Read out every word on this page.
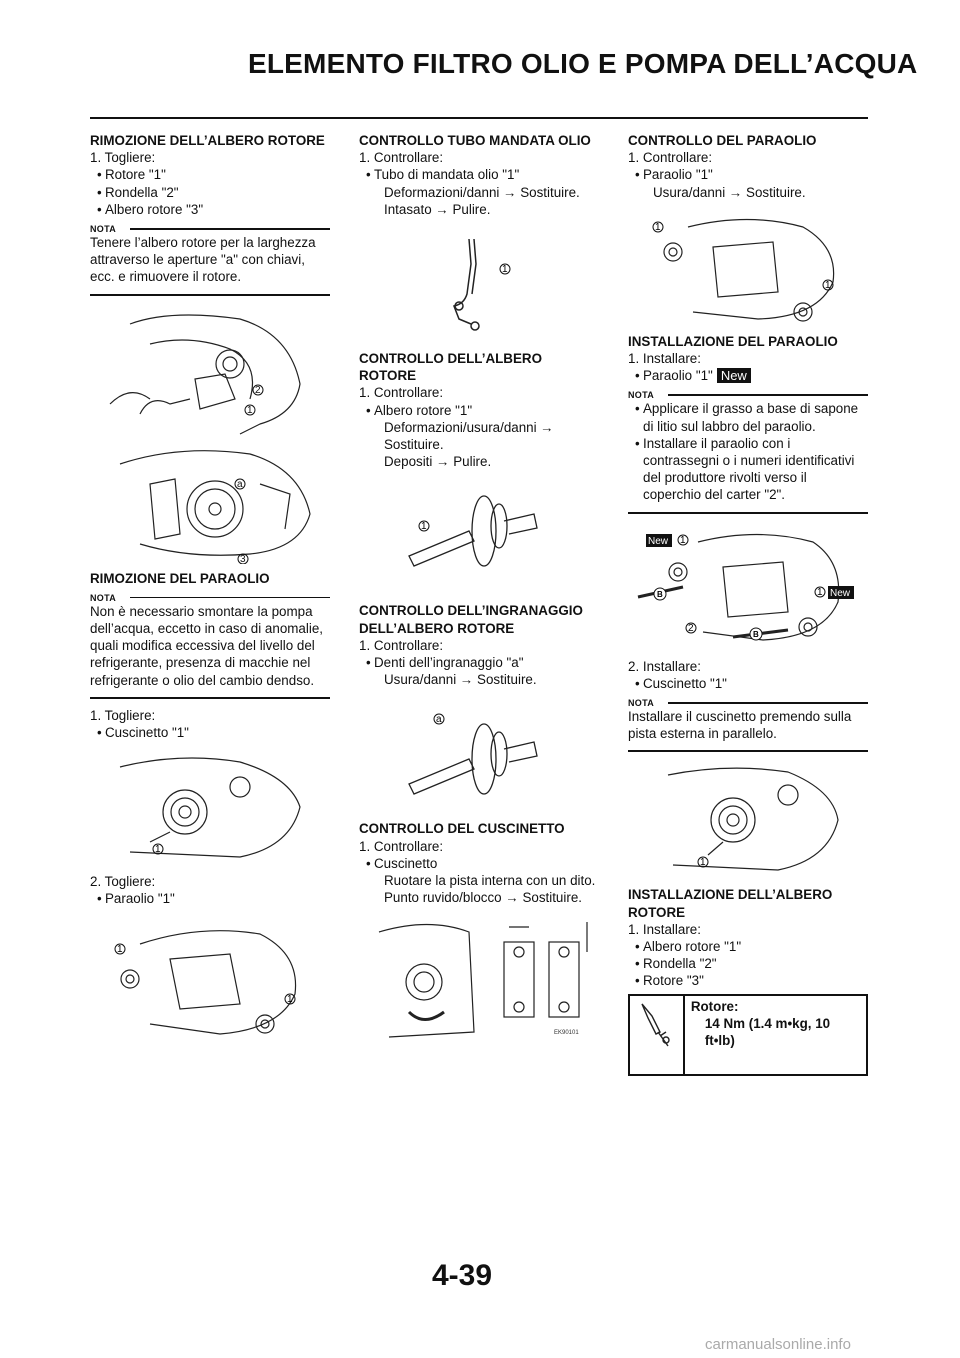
ELEMENTO FILTRO OLIO E POMPA DELL’ACQUA
RIMOZIONE DELL’ALBERO ROTORE
1. Togliere:
• Rotore "1"
• Rondella "2"
• Albero rotore "3"
NOTA
Tenere l’albero rotore per la larghezza attraverso le aperture "a" con chiavi, ecc. e rimuovere il rotore.
2
1
a
3
RIMOZIONE DEL PARAOLIO
NOTA
Non è necessario smontare la pompa dell’acqua, eccetto in caso di anomalie, quali modifica eccessiva del livello del refrigerante, presenza di macchie nel refrigerante o olio del cambio dendso.
1. Togliere:
• Cuscinetto "1"
1
2. Togliere:
• Paraolio "1"
1
1
CONTROLLO TUBO MANDATA OLIO
1. Controllare:
• Tubo di mandata olio "1"
Deformazioni/danni → Sostituire.
Intasato → Pulire.
1
CONTROLLO DELL’ALBERO ROTORE
1. Controllare:
• Albero rotore "1"
Deformazioni/usura/danni → Sostituire.
Depositi → Pulire.
1
CONTROLLO DELL’INGRANAGGIO DELL’ALBERO ROTORE
1. Controllare:
• Denti dell’ingranaggio "a"
Usura/danni → Sostituire.
a
CONTROLLO DEL CUSCINETTO
1. Controllare:
• Cuscinetto
Ruotare la pista interna con un dito.
Punto ruvido/blocco → Sostituire.
EK90101
CONTROLLO DEL PARAOLIO
1. Controllare:
• Paraolio "1"
Usura/danni → Sostituire.
1
1
INSTALLAZIONE DEL PARAOLIO
1. Installare:
• Paraolio "1" New
NOTA
• Applicare il grasso a base di sapone di litio sul labbro del paraolio.
• Installare il paraolio con i contrassegni o i numeri identificativi del produttore rivolti verso il coperchio del carter "2".
New 1
B	1 New
2
B
2. Installare:
• Cuscinetto "1"
NOTA
Installare il cuscinetto premendo sulla pista esterna in parallelo.
1
INSTALLAZIONE DELL’ALBERO ROTORE
1. Installare:
• Albero rotore "1"
• Rondella "2"
• Rotore "3"
Rotore:
14 Nm (1.4 m•kg, 10 ft•lb)
4-39
carmanualsonline.info
